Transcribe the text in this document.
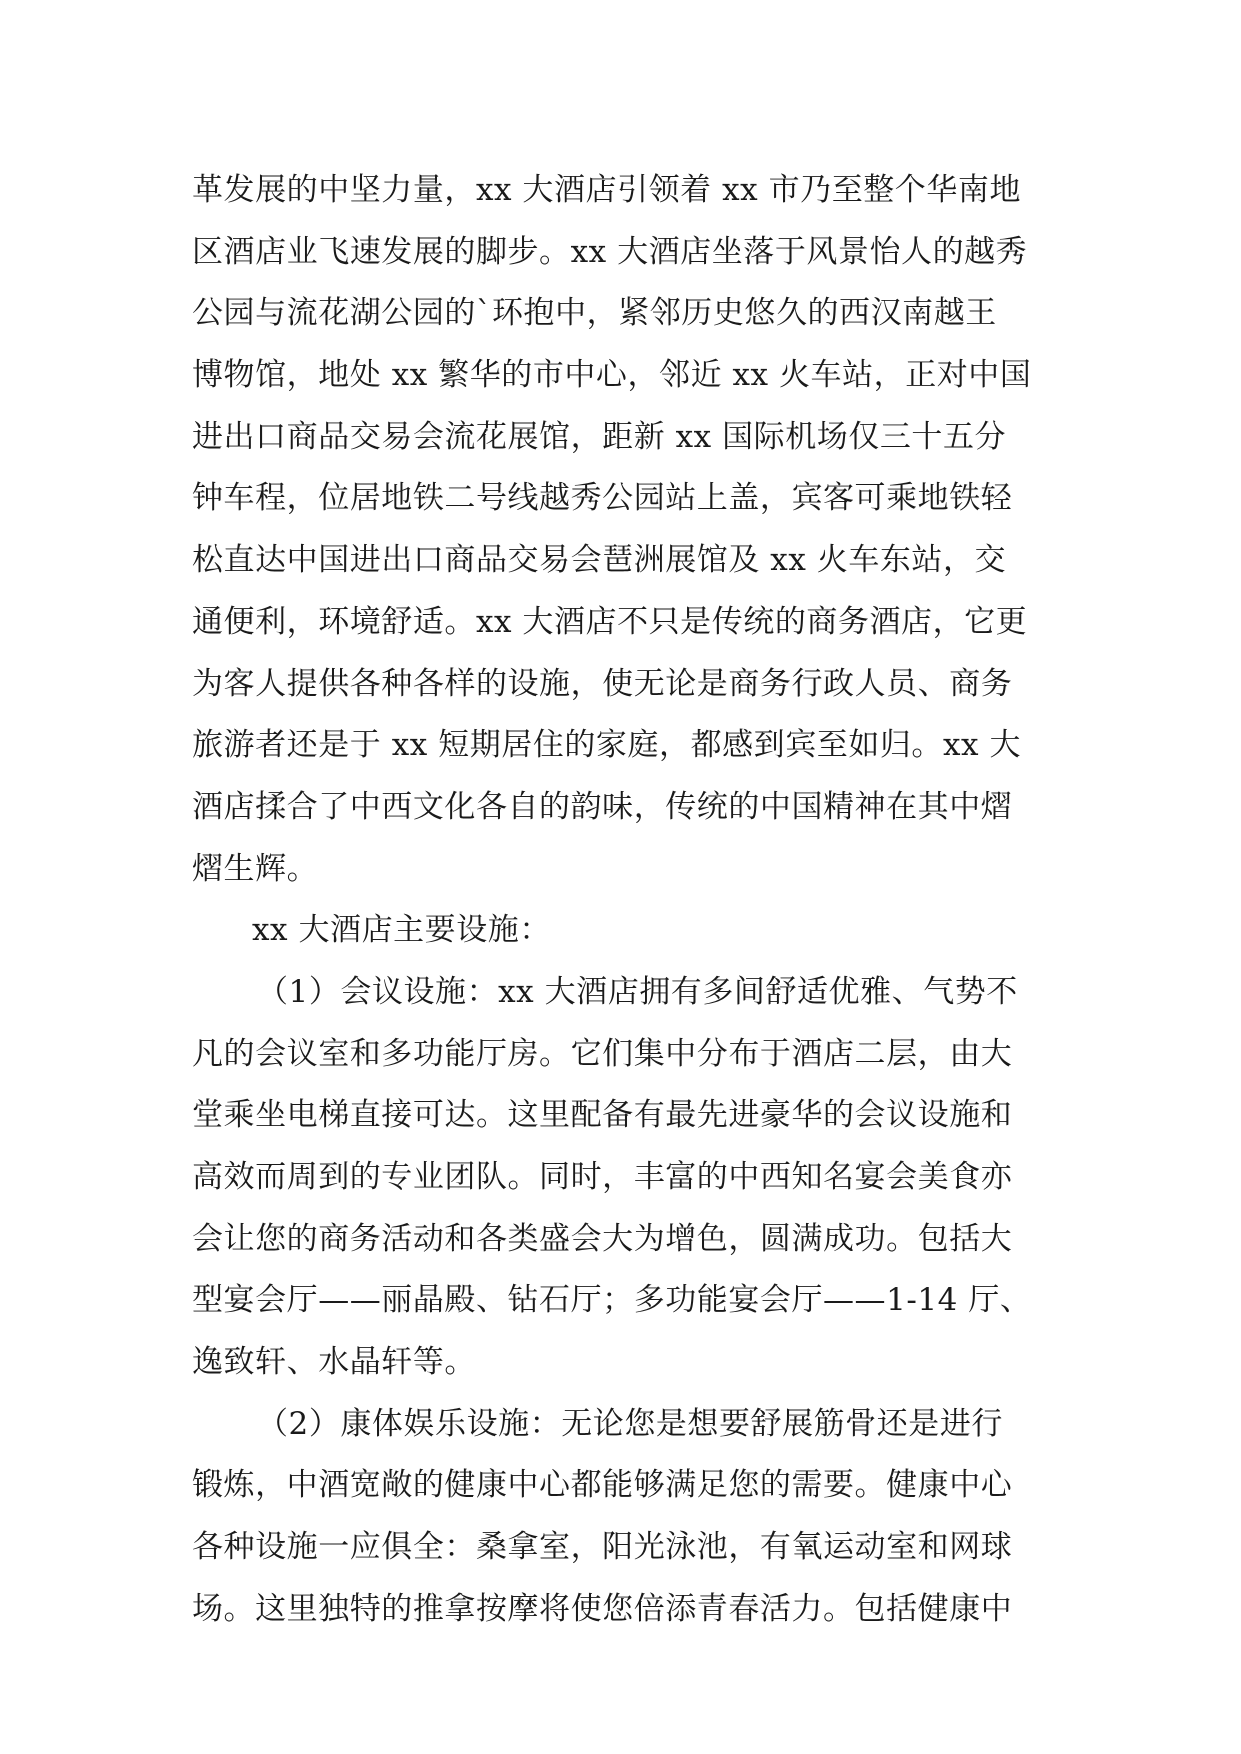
革发展的中坚力量，xx 大酒店引领着 xx 市乃至整个华南地
区酒店业飞速发展的脚步。xx 大酒店坐落于风景怡人的越秀
公园与流花湖公园的`环抱中，紧邻历史悠久的西汉南越王
博物馆，地处 xx 繁华的市中心，邻近 xx 火车站，正对中国
进出口商品交易会流花展馆，距新 xx 国际机场仅三十五分
钟车程，位居地铁二号线越秀公园站上盖，宾客可乘地铁轻
松直达中国进出口商品交易会琶洲展馆及 xx 火车东站，交
通便利，环境舒适。xx 大酒店不只是传统的商务酒店，它更
为客人提供各种各样的设施，使无论是商务行政人员、商务
旅游者还是于 xx 短期居住的家庭，都感到宾至如归。xx 大
酒店揉合了中西文化各自的韵味，传统的中国精神在其中熠
熠生辉。
xx 大酒店主要设施：
（1）会议设施：xx 大酒店拥有多间舒适优雅、气势不
凡的会议室和多功能厅房。它们集中分布于酒店二层，由大
堂乘坐电梯直接可达。这里配备有最先进豪华的会议设施和
高效而周到的专业团队。同时，丰富的中西知名宴会美食亦
会让您的商务活动和各类盛会大为增色，圆满成功。包括大
型宴会厅——丽晶殿、钻石厅；多功能宴会厅——1-14 厅、
逸致轩、水晶轩等。
（2）康体娱乐设施：无论您是想要舒展筋骨还是进行
锻炼，中酒宽敞的健康中心都能够满足您的需要。健康中心
各种设施一应俱全：桑拿室，阳光泳池，有氧运动室和网球
场。这里独特的推拿按摩将使您倍添青春活力。包括健康中
